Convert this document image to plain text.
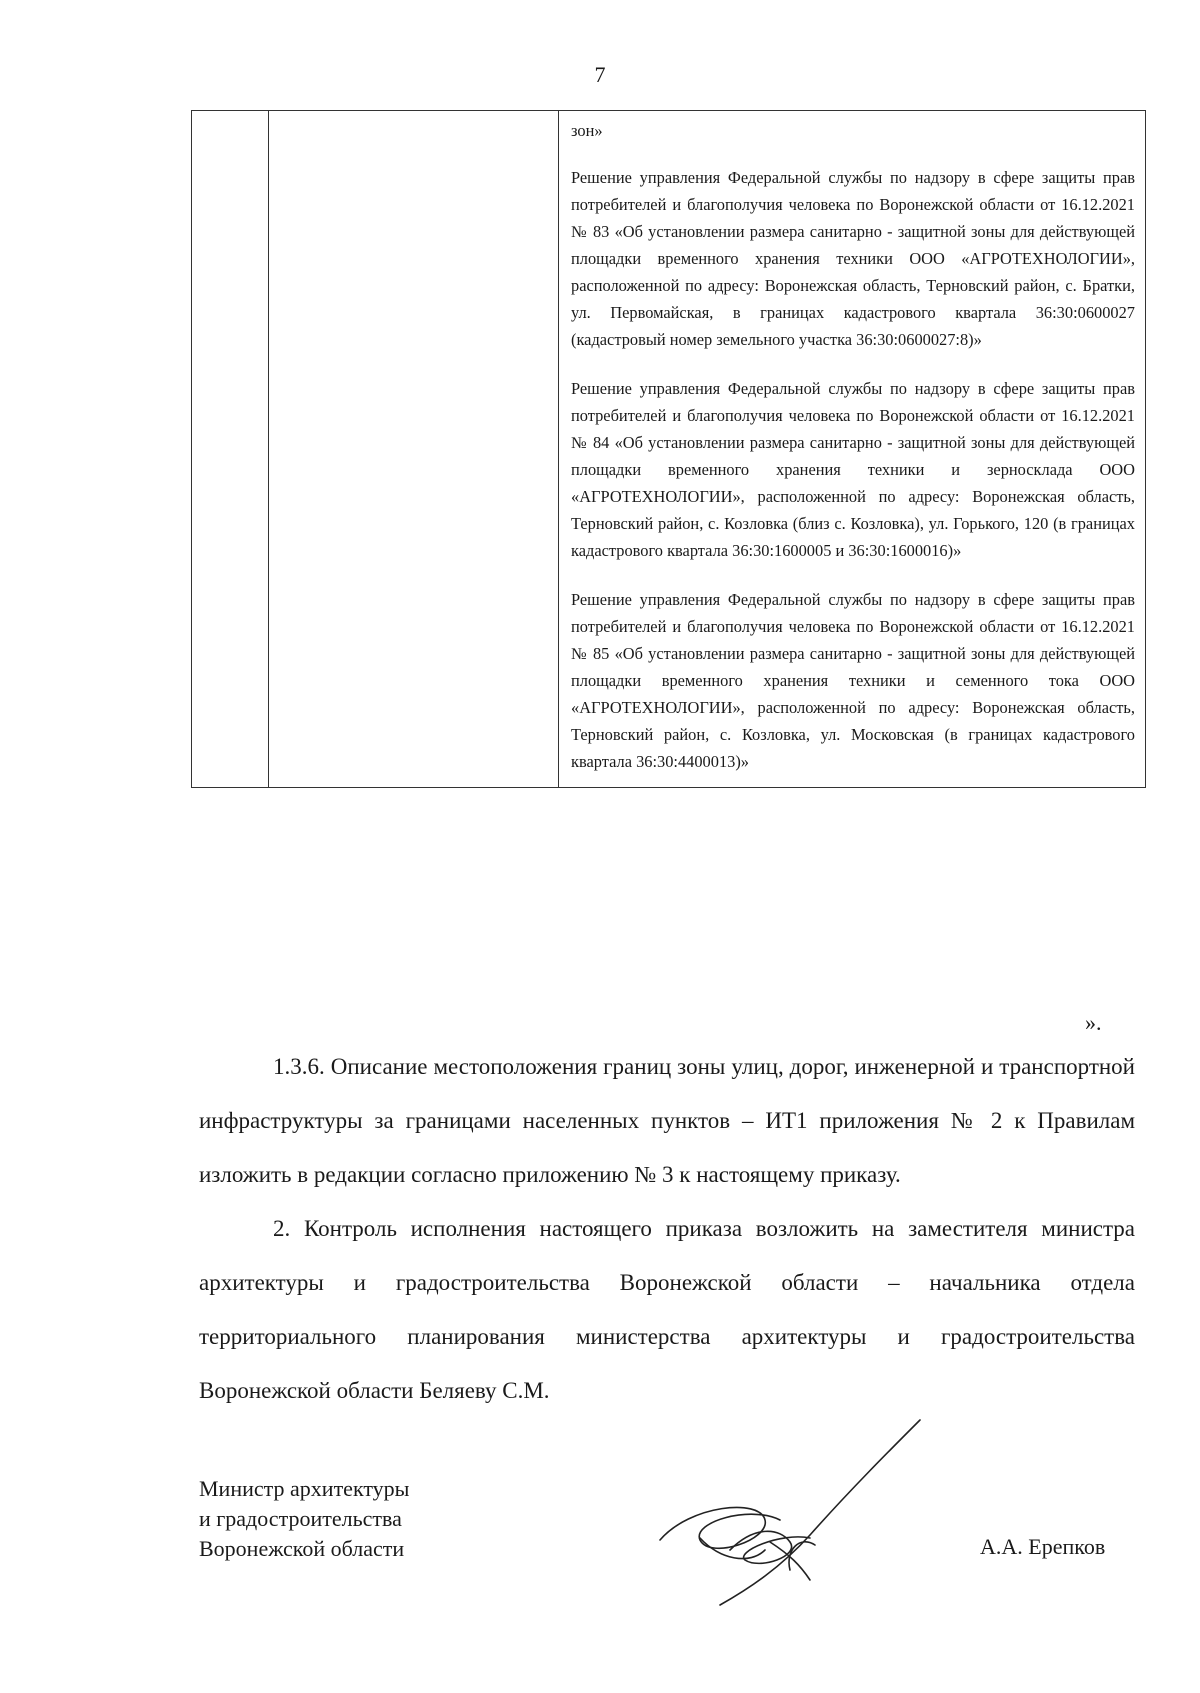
7

зон»

Решение управления Федеральной службы по надзору в сфере защиты прав потребителей и благополучия человека по Воронежской области от 16.12.2021 № 83 «Об установлении размера санитарно - защитной зоны для действующей площадки временного хранения техники ООО «АГРОТЕХНОЛОГИИ», расположенной по адресу: Воронежская область, Терновский район, с. Братки, ул. Первомайская, в границах кадастрового квартала 36:30:0600027 (кадастровый номер земельного участка 36:30:0600027:8)»

Решение управления Федеральной службы по надзору в сфере защиты прав потребителей и благополучия человека по Воронежской области от 16.12.2021 № 84 «Об установлении размера санитарно - защитной зоны для действующей площадки временного хранения техники и зерносклада ООО «АГРОТЕХНОЛОГИИ», расположенной по адресу: Воронежская область, Терновский район, с. Козловка (близ с. Козловка), ул. Горького, 120 (в границах кадастрового квартала 36:30:1600005 и 36:30:1600016)»

Решение управления Федеральной службы по надзору в сфере защиты прав потребителей и благополучия человека по Воронежской области от 16.12.2021 № 85 «Об установлении размера санитарно - защитной зоны для действующей площадки временного хранения техники и семенного тока ООО «АГРОТЕХНОЛОГИИ», расположенной по адресу: Воронежская область, Терновский район, с. Козловка, ул. Московская (в границах кадастрового квартала 36:30:4400013)»

».

1.3.6. Описание местоположения границ зоны улиц, дорог, инженерной и транспортной инфраструктуры за границами населенных пунктов – ИТ1 приложения № 2 к Правилам изложить в редакции согласно приложению № 3 к настоящему приказу.

2. Контроль исполнения настоящего приказа возложить на заместителя министра архитектуры и градостроительства Воронежской области – начальника отдела территориального планирования министерства архитектуры и градостроительства Воронежской области Беляеву С.М.

Министр архитектуры
и градостроительства
Воронежской области	А.А. Ерепков
